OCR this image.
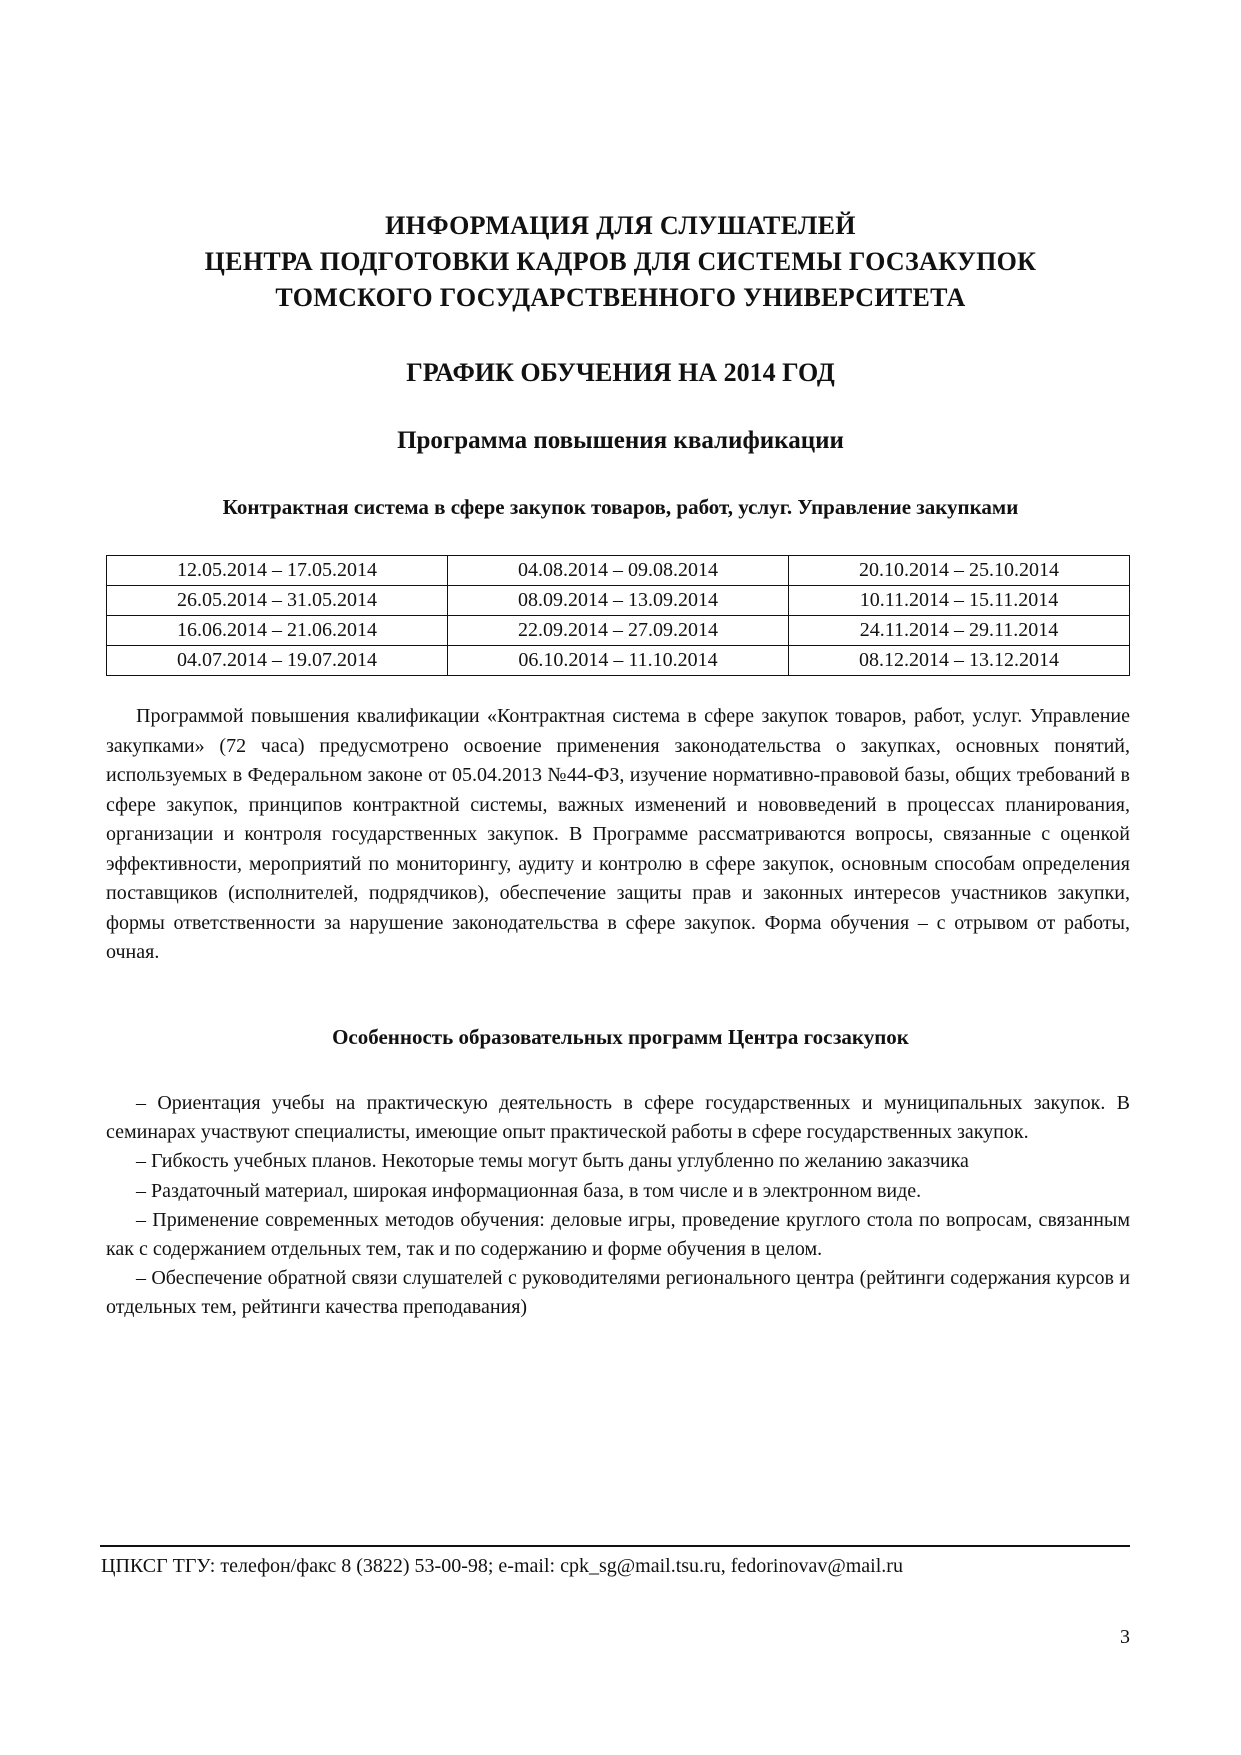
ИНФОРМАЦИЯ ДЛЯ СЛУШАТЕЛЕЙ
ЦЕНТРА ПОДГОТОВКИ КАДРОВ ДЛЯ СИСТЕМЫ ГОСЗАКУПОК
ТОМСКОГО ГОСУДАРСТВЕННОГО УНИВЕРСИТЕТА
ГРАФИК ОБУЧЕНИЯ НА 2014 ГОД
Программа повышения квалификации
Контрактная система в сфере закупок товаров, работ, услуг. Управление закупками
12.05.2014 – 17.05.2014	04.08.2014 – 09.08.2014	20.10.2014 – 25.10.2014
26.05.2014 – 31.05.2014	08.09.2014 – 13.09.2014	10.11.2014 – 15.11.2014
16.06.2014 – 21.06.2014	22.09.2014 – 27.09.2014	24.11.2014 – 29.11.2014
04.07.2014 – 19.07.2014	06.10.2014 – 11.10.2014	08.12.2014 – 13.12.2014

Программой повышения квалификации «Контрактная система в сфере закупок товаров, работ, услуг. Управление закупками» (72 часа) предусмотрено освоение применения законодательства о закупках, основных понятий, используемых в Федеральном законе от 05.04.2013 №44-ФЗ, изучение нормативно-правовой базы, общих требований в сфере закупок, принципов контрактной системы, важных изменений и нововведений в процессах планирования, организации и контроля государственных закупок. В Программе рассматриваются вопросы, связанные с оценкой эффективности, мероприятий по мониторингу, аудиту и контролю в сфере закупок, основным способам определения поставщиков (исполнителей, подрядчиков), обеспечение защиты прав и законных интересов участников закупки, формы ответственности за нарушение законодательства в сфере закупок. Форма обучения – с отрывом от работы, очная.

Особенность образовательных программ Центра госзакупок

– Ориентация учебы на практическую деятельность в сфере государственных и муниципальных закупок. В семинарах участвуют специалисты, имеющие опыт практической работы в сфере государственных закупок.

– Гибкость учебных планов. Некоторые темы могут быть даны углубленно по желанию заказчика

– Раздаточный материал, широкая информационная база, в том числе и в электронном виде.

– Применение современных методов обучения: деловые игры, проведение круглого стола по вопросам, связанным как с содержанием отдельных тем, так и по содержанию и форме обучения в целом.

– Обеспечение обратной связи слушателей с руководителями регионального центра (рейтинги содержания курсов и отдельных тем, рейтинги качества преподавания)

ЦПКСГ ТГУ: телефон/факс 8 (3822) 53-00-98; e-mail: cpk_sg@mail.tsu.ru, fedorinovav@mail.ru
3
